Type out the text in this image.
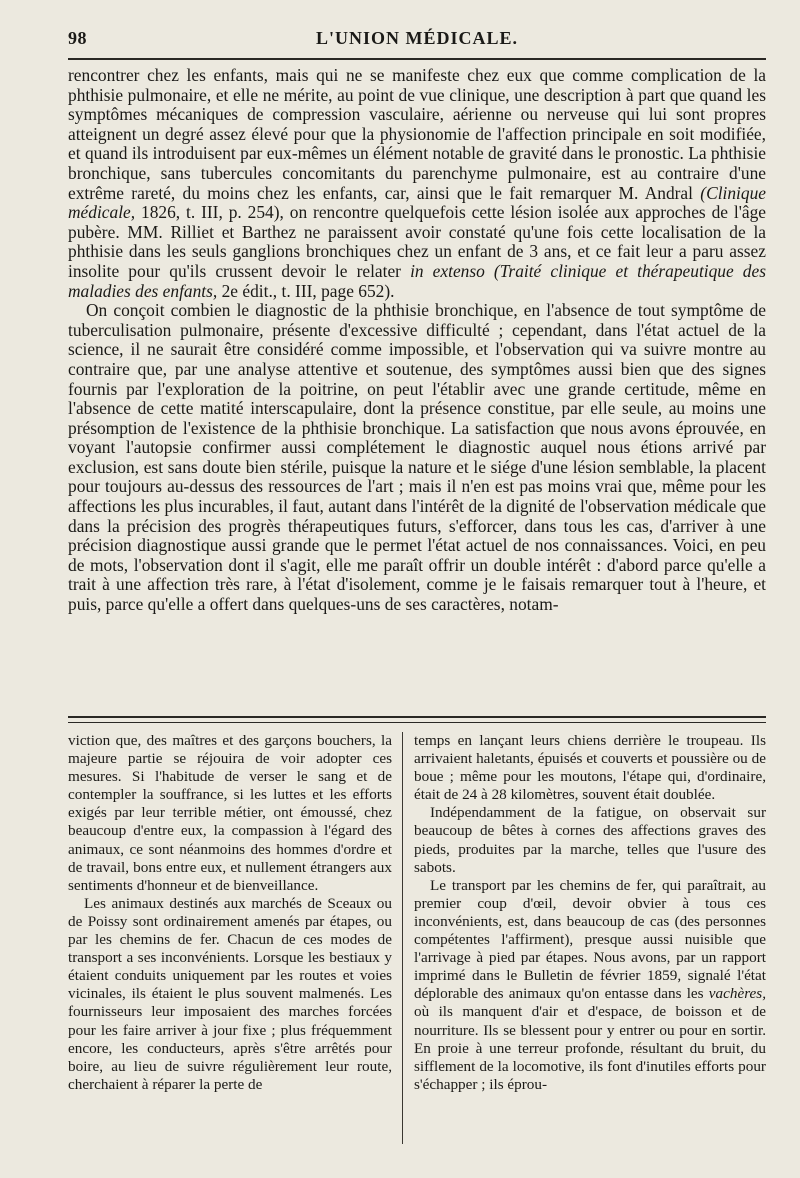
98	L'UNION MÉDICALE.

rencontrer chez les enfants, mais qui ne se manifeste chez eux que comme complication de la phthisie pulmonaire, et elle ne mérite, au point de vue clinique, une description à part que quand les symptômes mécaniques de compression vasculaire, aérienne ou nerveuse qui lui sont propres atteignent un degré assez élevé pour que la physionomie de l'affection principale en soit modifiée, et quand ils introduisent par eux-mêmes un élément notable de gravité dans le pronostic. La phthisie bronchique, sans tubercules concomitants du parenchyme pulmonaire, est au contraire d'une extrême rareté, du moins chez les enfants, car, ainsi que le fait remarquer M. Andral (Clinique médicale, 1826, t. III, p. 254), on rencontre quelquefois cette lésion isolée aux approches de l'âge pubère. MM. Rilliet et Barthez ne paraissent avoir constaté qu'une fois cette localisation de la phthisie dans les seuls ganglions bronchiques chez un enfant de 3 ans, et ce fait leur a paru assez insolite pour qu'ils crussent devoir le relater in extenso (Traité clinique et thérapeutique des maladies des enfants, 2e édit., t. III, page 652).

On conçoit combien le diagnostic de la phthisie bronchique, en l'absence de tout symptôme de tuberculisation pulmonaire, présente d'excessive difficulté ; cependant, dans l'état actuel de la science, il ne saurait être considéré comme impossible, et l'observation qui va suivre montre au contraire que, par une analyse attentive et soutenue, des symptômes aussi bien que des signes fournis par l'exploration de la poitrine, on peut l'établir avec une grande certitude, même en l'absence de cette matité interscapulaire, dont la présence constitue, par elle seule, au moins une présomption de l'existence de la phthisie bronchique. La satisfaction que nous avons éprouvée, en voyant l'autopsie confirmer aussi complétement le diagnostic auquel nous étions arrivé par exclusion, est sans doute bien stérile, puisque la nature et le siége d'une lésion semblable, la placent pour toujours au-dessus des ressources de l'art ; mais il n'en est pas moins vrai que, même pour les affections les plus incurables, il faut, autant dans l'intérêt de la dignité de l'observation médicale que dans la précision des progrès thérapeutiques futurs, s'efforcer, dans tous les cas, d'arriver à une précision diagnostique aussi grande que le permet l'état actuel de nos connaissances. Voici, en peu de mots, l'observation dont il s'agit, elle me paraît offrir un double intérêt : d'abord parce qu'elle a trait à une affection très rare, à l'état d'isolement, comme je le faisais remarquer tout à l'heure, et puis, parce qu'elle a offert dans quelques-uns de ses caractères, notam-

viction que, des maîtres et des garçons bouchers, la majeure partie se réjouira de voir adopter ces mesures. Si l'habitude de verser le sang et de contempler la souffrance, si les luttes et les efforts exigés par leur terrible métier, ont émoussé, chez beaucoup d'entre eux, la compassion à l'égard des animaux, ce sont néanmoins des hommes d'ordre et de travail, bons entre eux, et nullement étrangers aux sentiments d'honneur et de bienveillance.

Les animaux destinés aux marchés de Sceaux ou de Poissy sont ordinairement amenés par étapes, ou par les chemins de fer. Chacun de ces modes de transport a ses inconvénients. Lorsque les bestiaux y étaient conduits uniquement par les routes et voies vicinales, ils étaient le plus souvent malmenés. Les fournisseurs leur imposaient des marches forcées pour les faire arriver à jour fixe ; plus fréquemment encore, les conducteurs, après s'être arrêtés pour boire, au lieu de suivre régulièrement leur route, cherchaient à réparer la perte de

temps en lançant leurs chiens derrière le troupeau. Ils arrivaient haletants, épuisés et couverts et poussière ou de boue ; même pour les moutons, l'étape qui, d'ordinaire, était de 24 à 28 kilomètres, souvent était doublée.

Indépendamment de la fatigue, on observait sur beaucoup de bêtes à cornes des affections graves des pieds, produites par la marche, telles que l'usure des sabots.

Le transport par les chemins de fer, qui paraîtrait, au premier coup d'œil, devoir obvier à tous ces inconvénients, est, dans beaucoup de cas (des personnes compétentes l'affirment), presque aussi nuisible que l'arrivage à pied par étapes. Nous avons, par un rapport imprimé dans le Bulletin de février 1859, signalé l'état déplorable des animaux qu'on entasse dans les vachères, où ils manquent d'air et d'espace, de boisson et de nourriture. Ils se blessent pour y entrer ou pour en sortir. En proie à une terreur profonde, résultant du bruit, du sifflement de la locomotive, ils font d'inutiles efforts pour s'échapper ; ils éprou-
